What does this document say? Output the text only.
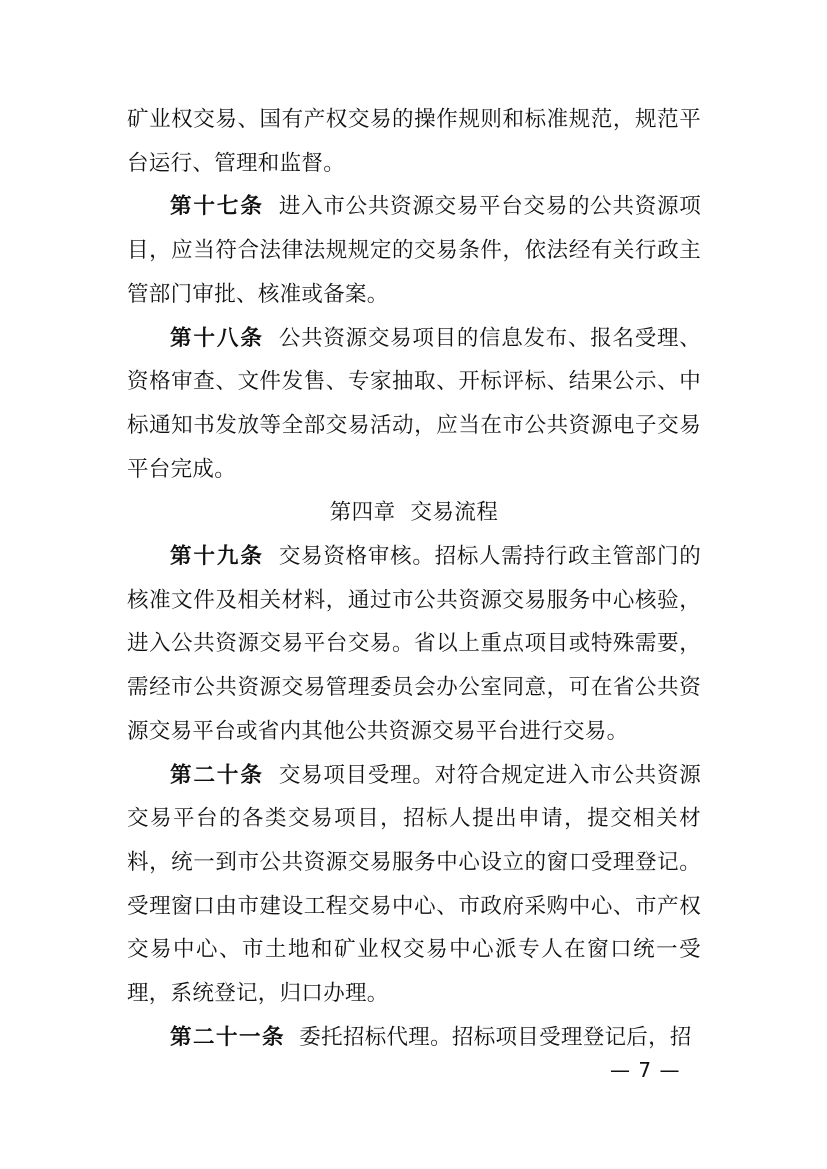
矿业权交易、国有产权交易的操作规则和标准规范，规范平台运行、管理和监督。

第十七条 进入市公共资源交易平台交易的公共资源项目，应当符合法律法规规定的交易条件，依法经有关行政主管部门审批、核准或备案。

第十八条 公共资源交易项目的信息发布、报名受理、资格审查、文件发售、专家抽取、开标评标、结果公示、中标通知书发放等全部交易活动，应当在市公共资源电子交易平台完成。

第四章  交易流程

第十九条 交易资格审核。招标人需持行政主管部门的核准文件及相关材料，通过市公共资源交易服务中心核验，进入公共资源交易平台交易。省以上重点项目或特殊需要，需经市公共资源交易管理委员会办公室同意，可在省公共资源交易平台或省内其他公共资源交易平台进行交易。

第二十条 交易项目受理。对符合规定进入市公共资源交易平台的各类交易项目，招标人提出申请，提交相关材料，统一到市公共资源交易服务中心设立的窗口受理登记。受理窗口由市建设工程交易中心、市政府采购中心、市产权交易中心、市土地和矿业权交易中心派专人在窗口统一受理，系统登记，归口办理。

第二十一条 委托招标代理。招标项目受理登记后，招

— 7 —
